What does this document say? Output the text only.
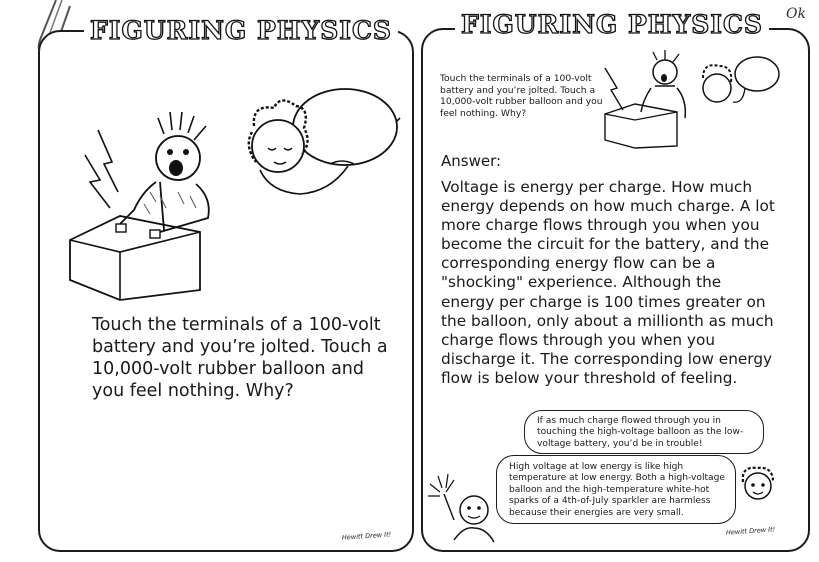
Ok

FIGURING PHYSICS

Touch the terminals of a 100-volt battery and you’re jolted. Touch a 10,000-volt rubber balloon and you feel nothing. Why?

Hewitt Drew It!
FIGURING PHYSICS

Touch the terminals of a 100-volt battery and you’re jolted. Touch a 10,000-volt rubber balloon and you feel nothing. Why?

Answer:

Voltage is energy per charge. How much energy depends on how much charge. A lot more charge flows through you when you become the circuit for the battery, and the corresponding energy flow can be a "shocking" experience. Although the energy per charge is 100 times greater on the balloon, only about a millionth as much charge flows through you when you discharge it. The corresponding low energy flow is below your threshold of feeling.

If as much charge flowed through you in touching the high-voltage balloon as the low-voltage battery, you’d be in trouble!

High voltage at low energy is like high temperature at low energy. Both a high-voltage balloon and the high-temperature white-hot sparks of a 4th-of-July sparkler are harmless because their energies are very small.

Hewitt Drew It!
